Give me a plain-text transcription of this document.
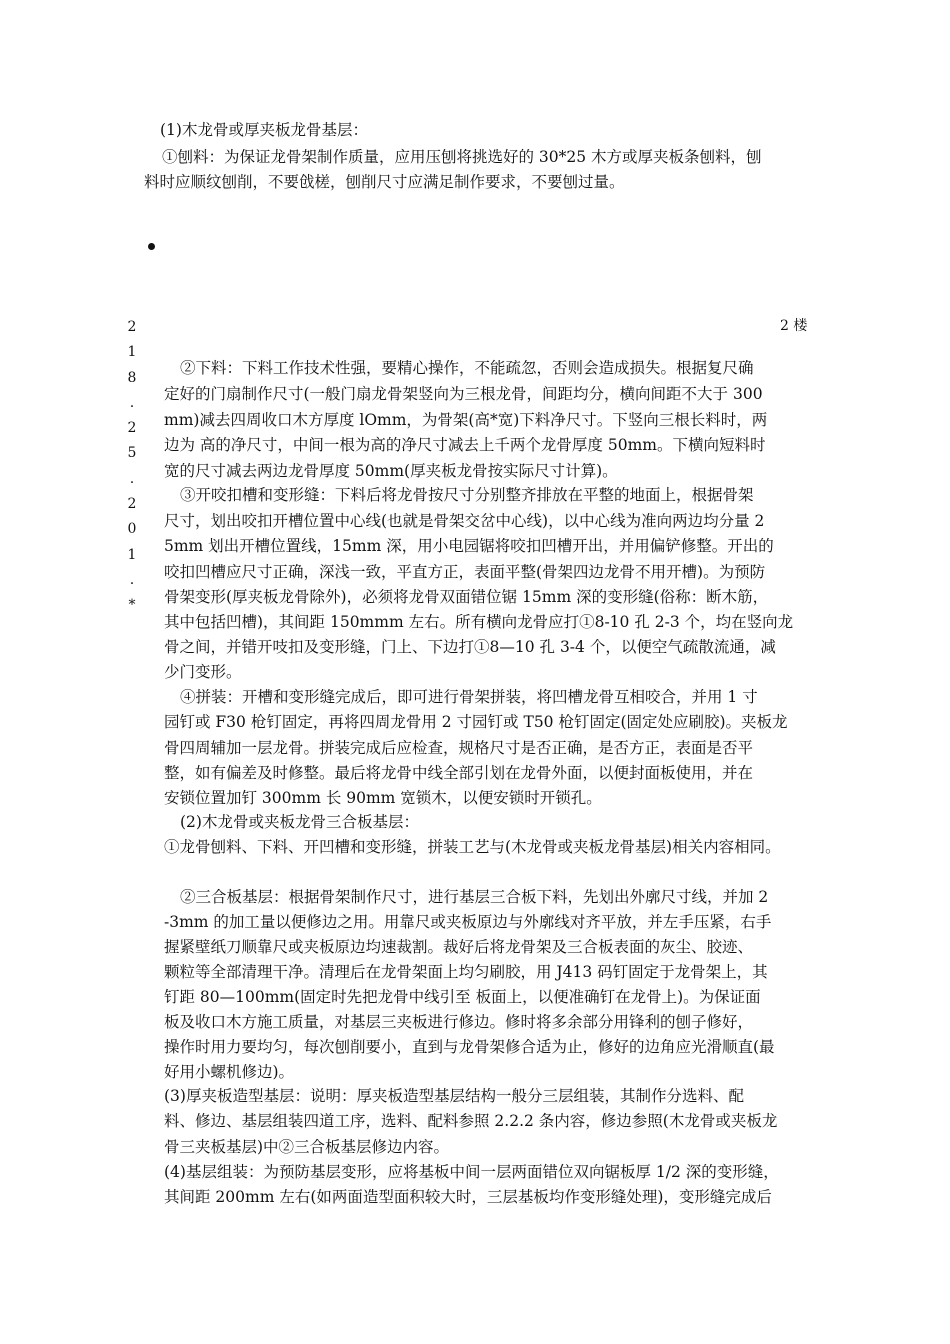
(1)木龙骨或厚夹板龙骨基层：
①刨料：为保证龙骨架制作质量，应用压刨将挑选好的 30*25 木方或厚夹板条刨料，刨
料时应顺纹刨削，不要戗槎，刨削尺寸应满足制作要求，不要刨过量。
2
1
8
.
2
5
.
2
0
1
.
*
2 楼
②下料：下料工作技术性强，要精心操作，不能疏忽，否则会造成损失。根据复尺确
定好的门扇制作尺寸(一般门扇龙骨架竖向为三根龙骨，间距均分，横向间距不大于 300
mm)减去四周收口木方厚度 lOmm，为骨架(高*宽)下料净尺寸。下竖向三根长料时，两
边为 高的净尺寸，中间一根为高的净尺寸减去上千两个龙骨厚度 50mm。下横向短料时
宽的尺寸减去两边龙骨厚度 50mm(厚夹板龙骨按实际尺寸计算)。
③开咬扣槽和变形缝：下料后将龙骨按尺寸分别整齐排放在平整的地面上，根据骨架
尺寸，划出咬扣开槽位置中心线(也就是骨架交岔中心线)，以中心线为准向两边均分量 2
5mm 划出开槽位置线，15mm 深，用小电园锯将咬扣凹槽开出，并用偏铲修整。开出的
咬扣凹槽应尺寸正确，深浅一致，平直方正，表面平整(骨架四边龙骨不用开槽)。为预防
骨架变形(厚夹板龙骨除外)，必须将龙骨双面错位锯 15mm 深的变形缝(俗称：断木筋，
其中包括凹槽)，其间距 150mmm 左右。所有横向龙骨应打①8-10 孔 2-3 个，均在竖向龙
骨之间，并错开吱扣及变形缝，门上、下边打①8—10 孔 3-4 个，以便空气疏散流通，减
少门变形。
④拼装：开槽和变形缝完成后，即可进行骨架拼装，将凹槽龙骨互相咬合，并用 1 寸
园钉或 F30 枪钉固定，再将四周龙骨用 2 寸园钉或 T50 枪钉固定(固定处应刷胶)。夹板龙
骨四周辅加一层龙骨。拼装完成后应检查，规格尺寸是否正确，是否方正，表面是否平
整，如有偏差及时修整。最后将龙骨中线全部引划在龙骨外面，以便封面板使用，并在
安锁位置加钉 300mm 长 90mm 宽锁木，以便安锁时开锁孔。
(2)木龙骨或夹板龙骨三合板基层：
①龙骨刨料、下料、开凹槽和变形缝，拼装工艺与(木龙骨或夹板龙骨基层)相关内容相同。
②三合板基层：根据骨架制作尺寸，进行基层三合板下料，先划出外廓尺寸线，并加 2
-3mm 的加工量以便修边之用。用靠尺或夹板原边与外廓线对齐平放，并左手压紧，右手
握紧壁纸刀顺靠尺或夹板原边均速裁割。裁好后将龙骨架及三合板表面的灰尘、胶迹、
颗粒等全部清理干净。清理后在龙骨架面上均匀刷胶，用 J413 码钉固定于龙骨架上，其
钉距 80—100mm(固定时先把龙骨中线引至 板面上，以便准确钉在龙骨上)。为保证面
板及收口木方施工质量，对基层三夹板进行修边。修时将多余部分用锋利的刨子修好，
操作时用力要均匀，每次刨削要小，直到与龙骨架修合适为止，修好的边角应光滑顺直(最
好用小螺机修边)。
(3)厚夹板造型基层：说明：厚夹板造型基层结构一般分三层组装，其制作分选料、配
料、修边、基层组装四道工序，选料、配料参照 2.2.2 条内容，修边参照(木龙骨或夹板龙
骨三夹板基层)中②三合板基层修边内容。
(4)基层组装：为预防基层变形，应将基板中间一层两面错位双向锯板厚 1/2 深的变形缝，
其间距 200mm 左右(如两面造型面积较大时，三层基板均作变形缝处理)，变形缝完成后
